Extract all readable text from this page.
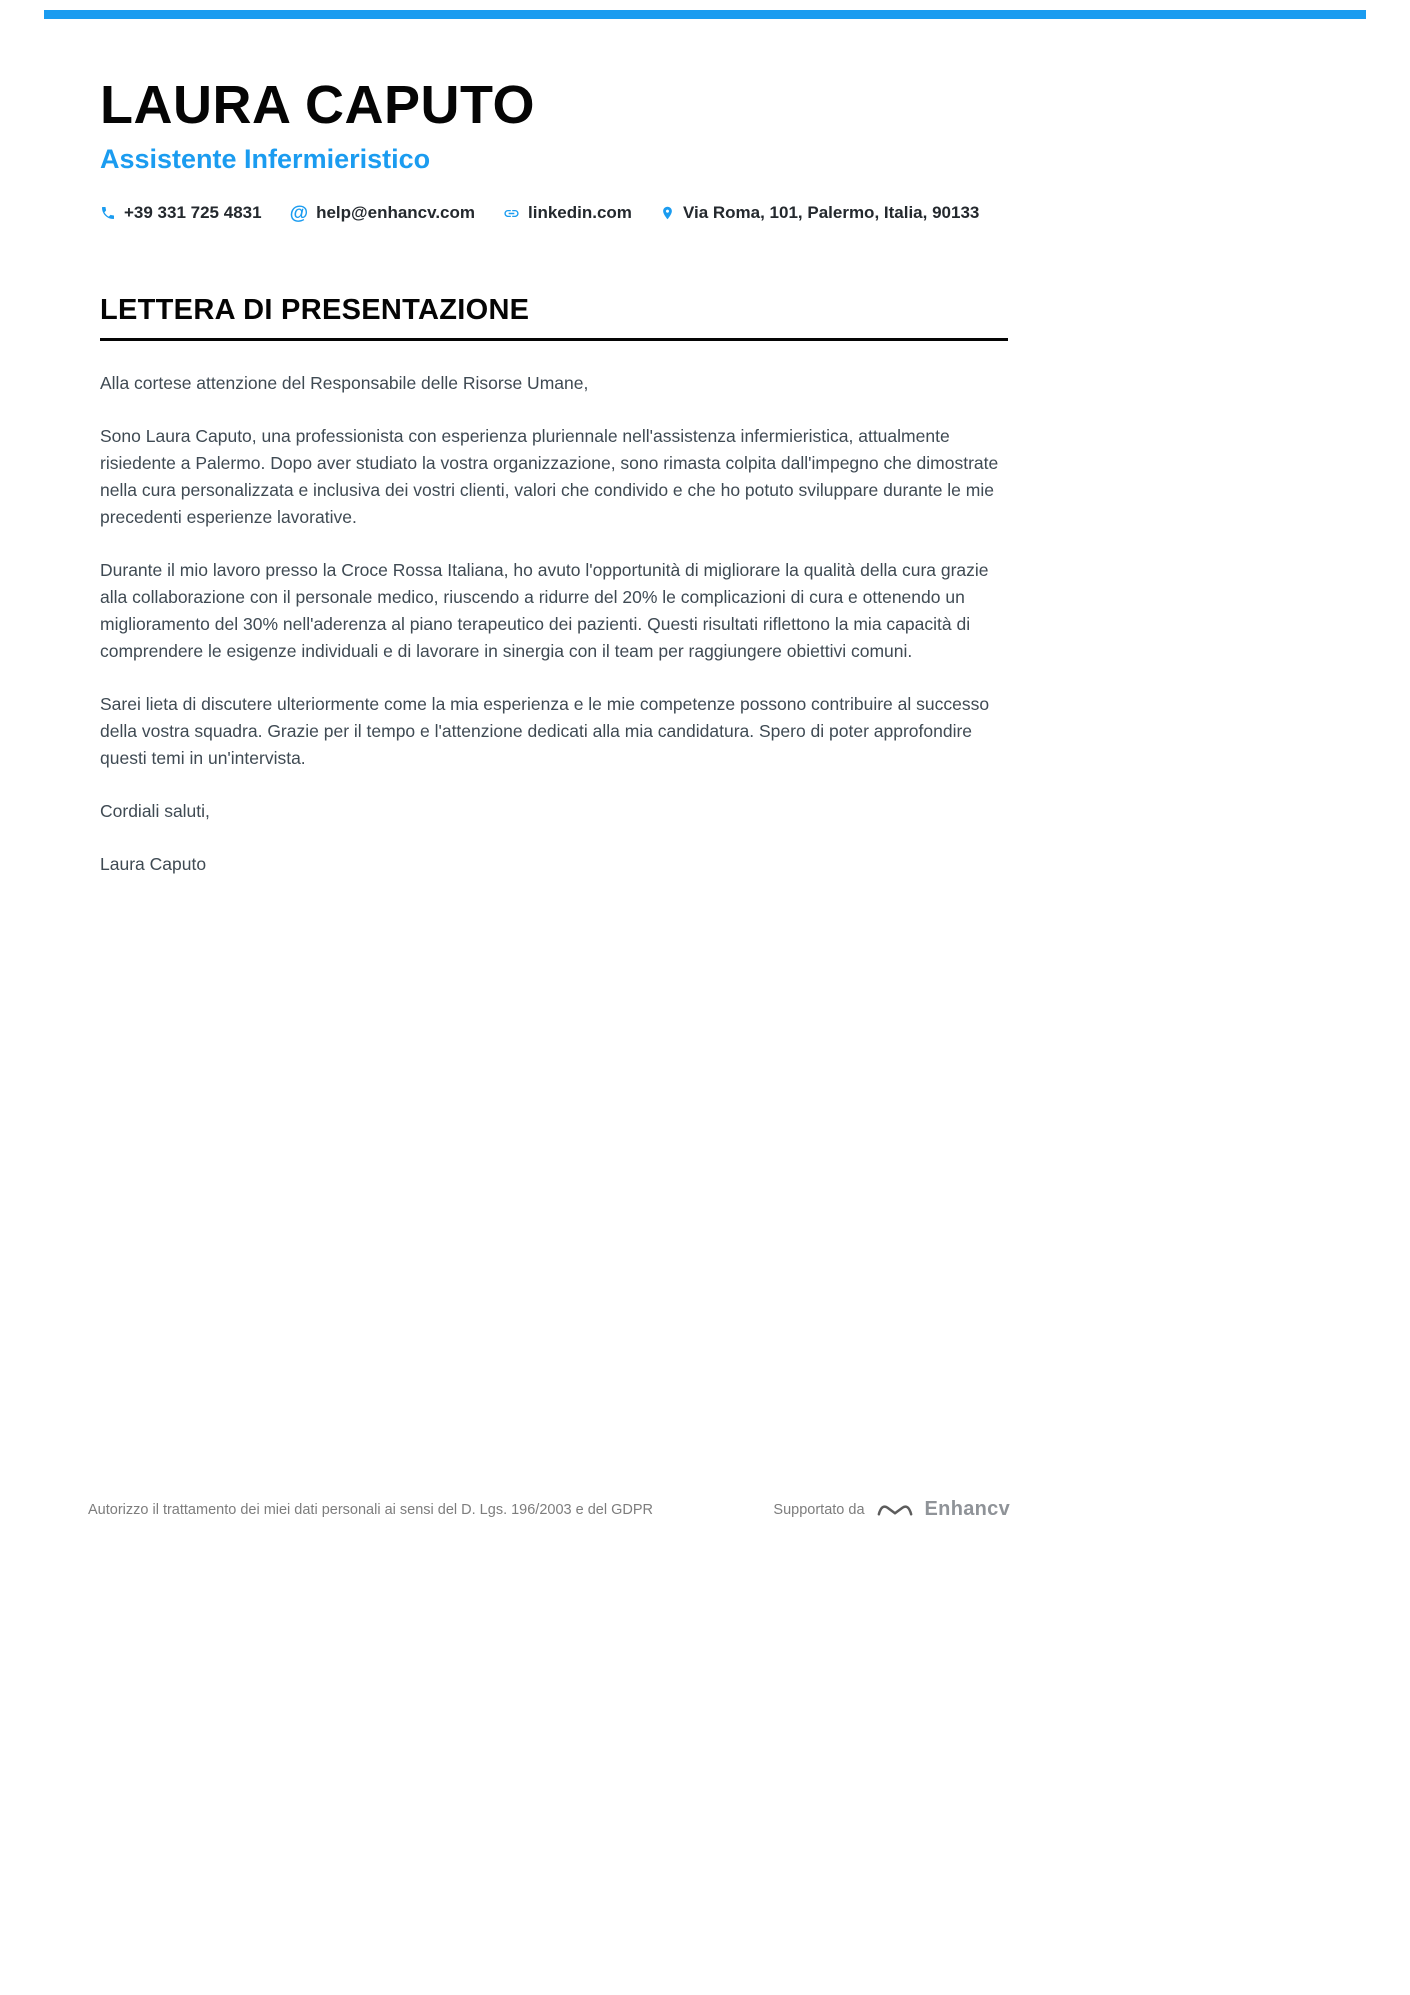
LAURA CAPUTO
Assistente Infermieristico
+39 331 725 4831 @ help@enhancv.com	linkedin.com	Via Roma, 101, Palermo, Italia, 90133
LETTERA DI PRESENTAZIONE

Alla cortese attenzione del Responsabile delle Risorse Umane,

Sono Laura Caputo, una professionista con esperienza pluriennale nell'assistenza infermieristica, attualmente risiedente a Palermo. Dopo aver studiato la vostra organizzazione, sono rimasta colpita dall'impegno che dimostrate nella cura personalizzata e inclusiva dei vostri clienti, valori che condivido e che ho potuto sviluppare durante le mie precedenti esperienze lavorative.

Durante il mio lavoro presso la Croce Rossa Italiana, ho avuto l'opportunità di migliorare la qualità della cura grazie alla collaborazione con il personale medico, riuscendo a ridurre del 20% le complicazioni di cura e ottenendo un miglioramento del 30% nell'aderenza al piano terapeutico dei pazienti. Questi risultati riflettono la mia capacità di comprendere le esigenze individuali e di lavorare in sinergia con il team per raggiungere obiettivi comuni.

Sarei lieta di discutere ulteriormente come la mia esperienza e le mie competenze possono contribuire al successo della vostra squadra. Grazie per il tempo e l'attenzione dedicati alla mia candidatura. Spero di poter approfondire questi temi in un'intervista.

Cordiali saluti,

Laura Caputo

Autorizzo il trattamento dei miei dati personali ai sensi del D. Lgs. 196/2003 e del GDPR	Supportato da	Enhancv
